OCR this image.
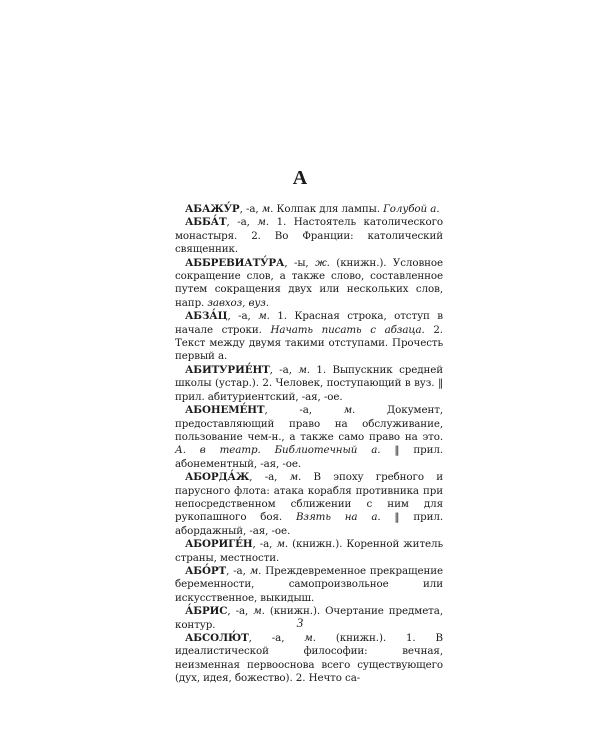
А

АБАЖУ́Р, -а, м. Колпак для лампы. Голубой а.

АББА́Т, -а, м. 1. Настоятель католического монастыря. 2. Во Франции: католический священник.

АББРЕВИАТУ́РА, -ы, ж. (книжн.). Условное сокращение слов, а также слово, составленное путем сокращения двух или нескольких слов, напр. завхоз, вуз.

АБЗА́Ц, -а, м. 1. Красная строка, отступ в начале строки. Начать писать с абзаца. 2. Текст между двумя такими отступами. Прочесть первый а.

АБИТУРИЕ́НТ, -а, м. 1. Выпускник средней школы (устар.). 2. Человек, поступающий в вуз. ‖ прил. абитуриентский, -ая, -ое.

АБОНЕМЕ́НТ, -а, м. Документ, предоставляющий право на обслуживание, пользование чем-н., а также само право на это. А. в театр. Библиотечный а. ‖ прил. абонементный, -ая, -ое.

АБОРДА́Ж, -а, м. В эпоху гребного и парусного флота: атака корабля противника при непосредственном сближении с ним для рукопашного боя. Взять на а. ‖ прил. абордажный, -ая, -ое.

АБОРИГЕ́Н, -а, м. (книжн.). Коренной житель страны, местности.

АБО́РТ, -а, м. Преждевременное прекращение беременности, самопроизвольное или искусственное, выкидыш.

А́БРИС, -а, м. (книжн.). Очертание предмета, контур.

АБСОЛЮ́Т, -а, м. (книжн.). 1. В идеалистической философии: вечная, неизменная первооснова всего существующего (дух, идея, божество). 2. Нечто са-

3
